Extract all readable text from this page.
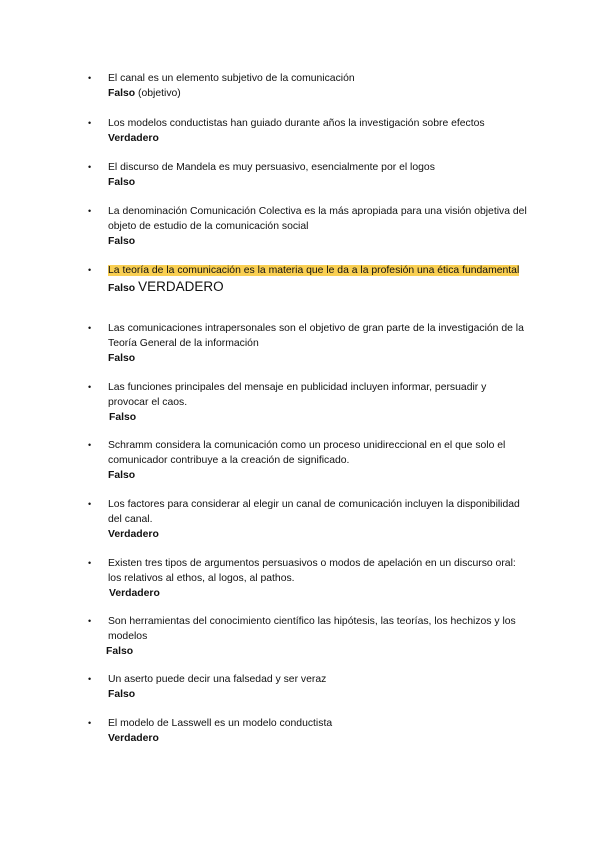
• El canal es un elemento subjetivo de la comunicación
Falso (objetivo)
• Los modelos conductistas han guiado durante años la investigación sobre efectos
Verdadero
• El discurso de Mandela es muy persuasivo, esencialmente por el logos
Falso
• La denominación Comunicación Colectiva es la más apropiada para una visión objetiva del objeto de estudio de la comunicación social
Falso
• La teoría de la comunicación es la materia que le da a la profesión una ética fundamental
Falso VERDADERO
• Las comunicaciones intrapersonales son el objetivo de gran parte de la investigación de la Teoría General de la información
Falso
• Las funciones principales del mensaje en publicidad incluyen informar, persuadir y provocar el caos.
Falso
• Schramm considera la comunicación como un proceso unidireccional en el que solo el comunicador contribuye a la creación de significado.
Falso
• Los factores para considerar al elegir un canal de comunicación incluyen la disponibilidad del canal.
Verdadero
• Existen tres tipos de argumentos persuasivos o modos de apelación en un discurso oral: los relativos al ethos, al logos, al pathos.
Verdadero
• Son herramientas del conocimiento científico las hipótesis, las teorías, los hechizos y los modelos
Falso
• Un aserto puede decir una falsedad y ser veraz
Falso
• El modelo de Lasswell es un modelo conductista
Verdadero
